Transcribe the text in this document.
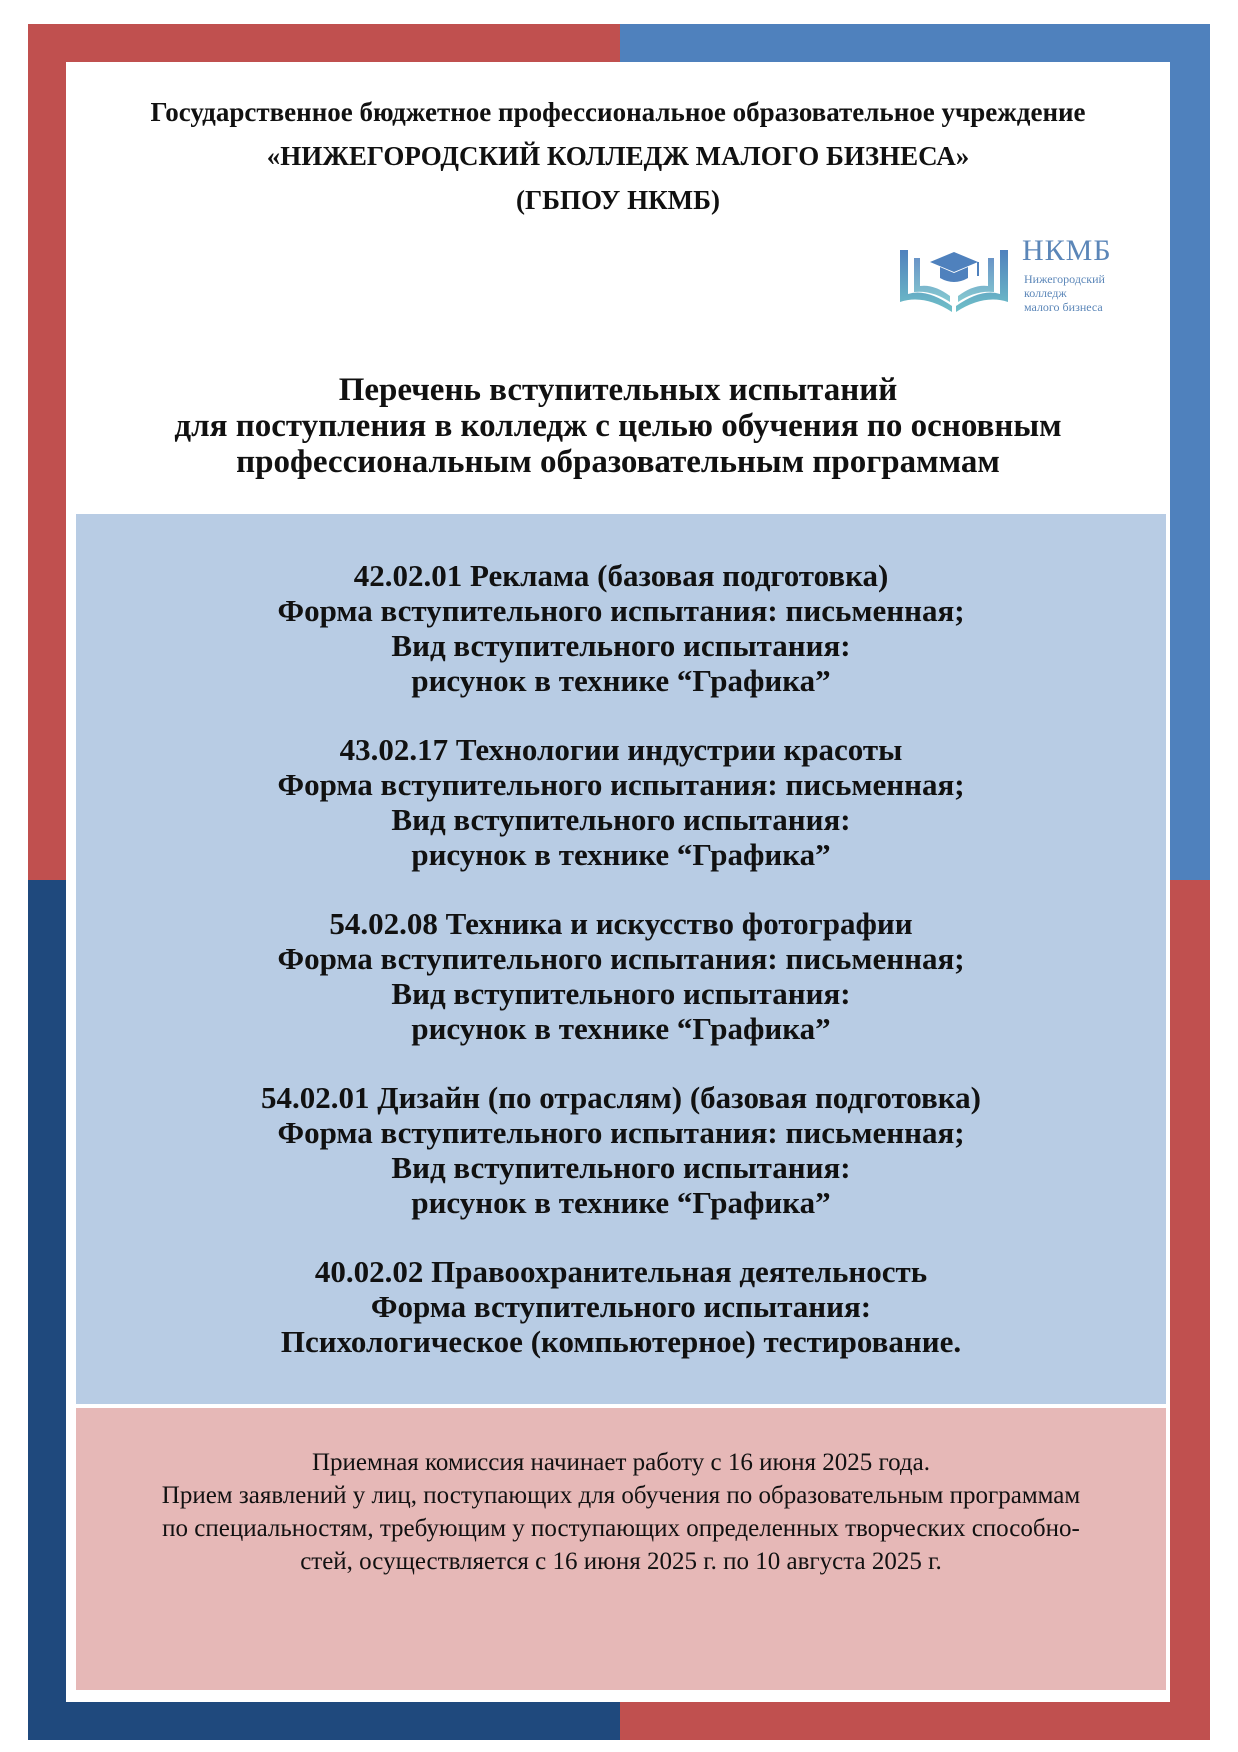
Государственное бюджетное профессиональное образовательное учреждение
«НИЖЕГОРОДСКИЙ КОЛЛЕДЖ МАЛОГО БИЗНЕСА»
(ГБПОУ НКМБ)
НКМБ
Нижегородский
колледж
малого бизнеса
Перечень вступительных испытаний
для поступления в колледж с целью обучения по основным
профессиональным образовательным программам
42.02.01 Реклама (базовая подготовка)
Форма вступительного испытания: письменная;
Вид вступительного испытания:
рисунок в технике “Графика”
43.02.17 Технологии индустрии красоты
Форма вступительного испытания: письменная;
Вид вступительного испытания:
рисунок в технике “Графика”
54.02.08 Техника и искусство фотографии
Форма вступительного испытания: письменная;
Вид вступительного испытания:
рисунок в технике “Графика”
54.02.01 Дизайн (по отраслям) (базовая подготовка)
Форма вступительного испытания: письменная;
Вид вступительного испытания:
рисунок в технике “Графика”
40.02.02 Правоохранительная деятельность
Форма вступительного испытания:
Психологическое (компьютерное) тестирование.

Приемная комиссия начинает работу с 16 июня 2025 года.
Прием заявлений у лиц, поступающих для обучения по образовательным программам
по специальностям, требующим у поступающих определенных творческих способно-
стей, осуществляется с 16 июня 2025 г. по 10 августа 2025 г.
